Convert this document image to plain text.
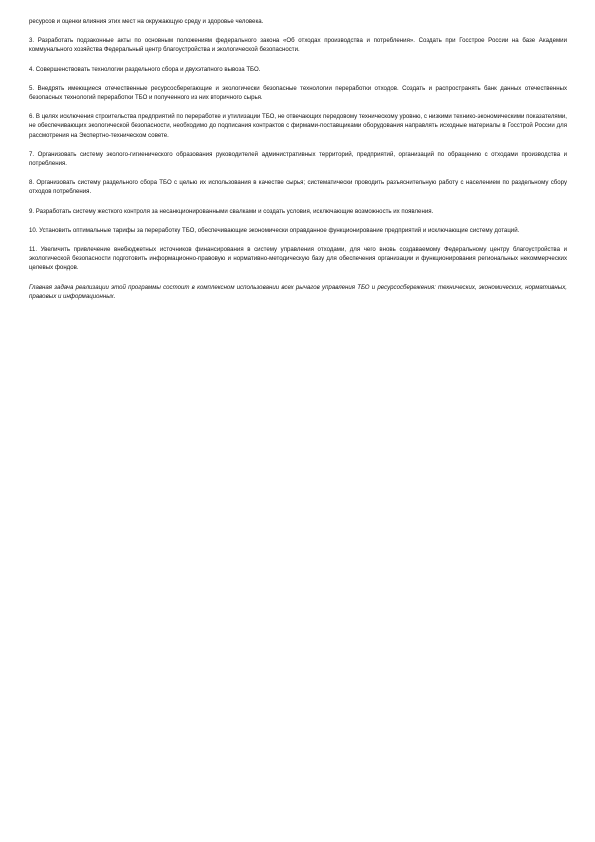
ресурсов и оценки влияния этих мест на окружающую среду и здоровье человека.

3. Разработать подзаконные акты по основным положениям федерального закона «Об отходах производства и потребления». Создать при Госстрое России на базе Академии коммунального хозяйства Федеральный центр благоустройства и экологической безопасности.

4. Совершенствовать технологии раздельного сбора и двухэтапного вывоза ТБО.

5. Внедрять имеющиеся отечественные ресурсосберегающие и экологически безопасные технологии переработки отходов. Создать и распространять банк данных отечественных безопасных технологий переработки ТБО и полученного из них вторичного сырья.

6. В целях исключения строительства предприятий по переработке и утилизации ТБО, не отвечающих передовому техническому уровню, с низкими технико-экономическими показателями, не обеспечивающих экологической безопасности, необходимо до подписания контрактов с фирмами-поставщиками оборудования направлять исходные материалы в Госстрой России для рассмотрения на Экспертно-техническом совете.

7. Организовать систему эколого-гигиенического образования руководителей административных территорий, предприятий, организаций по обращению с отходами производства и потребления.

8. Организовать систему раздельного сбора ТБО с целью их использования в качестве сырья; систематически проводить разъяснительную работу с населением по раздельному сбору отходов потребления.

9. Разработать систему жесткого контроля за несанкционированными свалками и создать условия, исключающие возможность их появления.

10. Установить оптимальные тарифы за переработку ТБО, обеспечивающие экономически оправданное функционирование предприятий и исключающие систему дотаций.

11. Увеличить привлечение внебюджетных источников финансирования в систему управления отходами, для чего вновь создаваемому Федеральному центру благоустройства и экологической безопасности подготовить информационно-правовую и нормативно-методическую базу для обеспечения организации и функционирования региональных некоммерческих целевых фондов.

Главная задача реализации этой программы состоит в комплексном использовании всех рычагов управления ТБО и ресурсосбережения: технических, экономических, нормативных, правовых и информационных.
